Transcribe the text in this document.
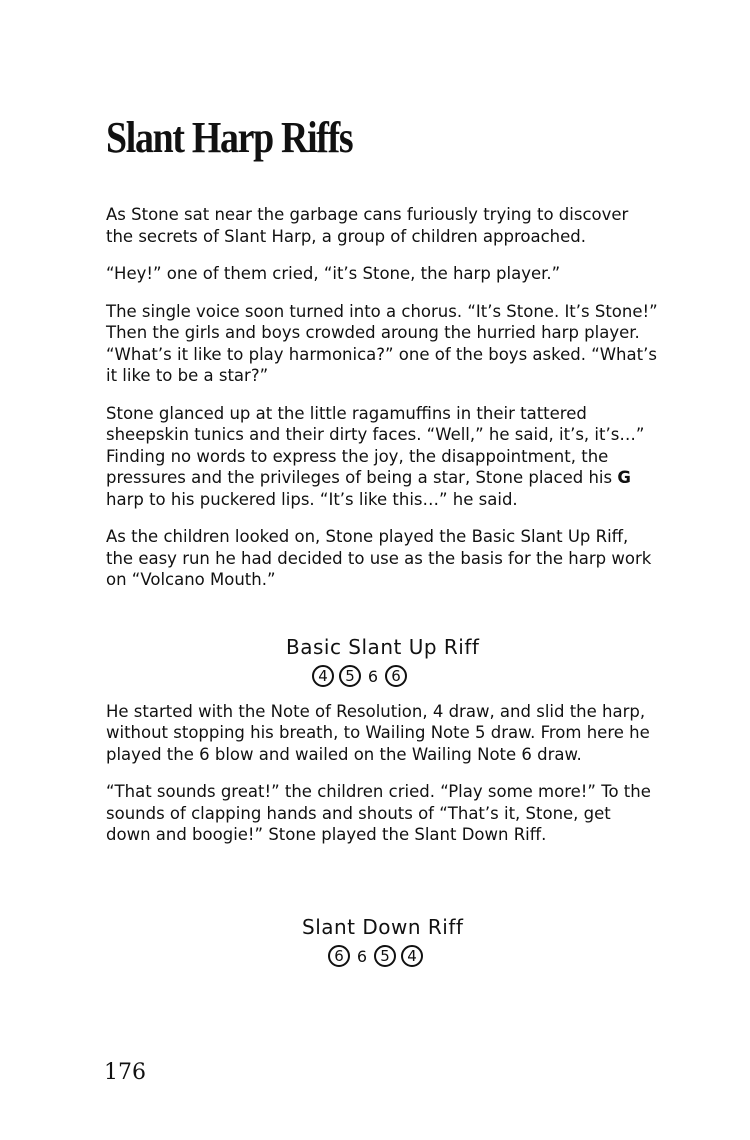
Slant Harp Riffs

As Stone sat near the garbage cans furiously trying to discover the secrets of Slant Harp, a group of children approached.

“Hey!” one of them cried, “it’s Stone, the harp player.”

The single voice soon turned into a chorus. “It’s Stone. It’s Stone!” Then the girls and boys crowded aroung the hurried harp player. “What’s it like to play harmonica?” one of the boys asked. “What’s it like to be a star?”

Stone glanced up at the little ragamuffins in their tattered sheepskin tunics and their dirty faces. “Well,” he said, it’s, it’s…” Finding no words to express the joy, the disappointment, the pressures and the privileges of being a star, Stone placed his G harp to his puckered lips. “It’s like this…” he said.

As the children looked on, Stone played the Basic Slant Up Riff, the easy run he had decided to use as the basis for the harp work on “Volcano Mouth.”

He started with the Note of Resolution, 4 draw, and slid the harp, without stopping his breath, to Wailing Note 5 draw. From here he played the 6 blow and wailed on the Wailing Note 6 draw.

“That sounds great!” the children cried. “Play some more!” To the sounds of clapping hands and shouts of “That’s it, Stone, get down and boogie!” Stone played the Slant Down Riff.

Basic Slant Up Riff
4	5 6 6
Slant Down Riff
6 6 5	4
176
